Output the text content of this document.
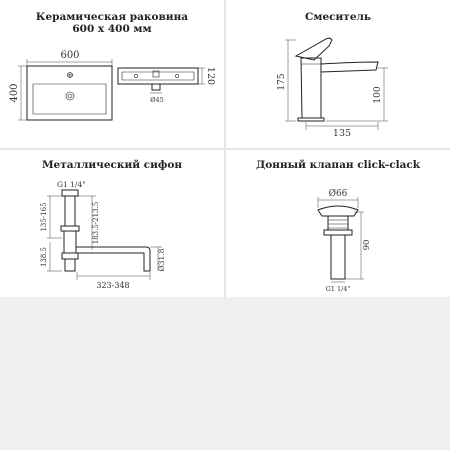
Керамическая раковина
600 x 400 мм
600
400
120
Ø45
Смеситель
175
100
135
Металлический сифон
G1 1/4"
135-165
138.5
183.5-213.5
323-348
Ø31.8
Донный клапан click-clack
Ø66
90
G1 1/4"
